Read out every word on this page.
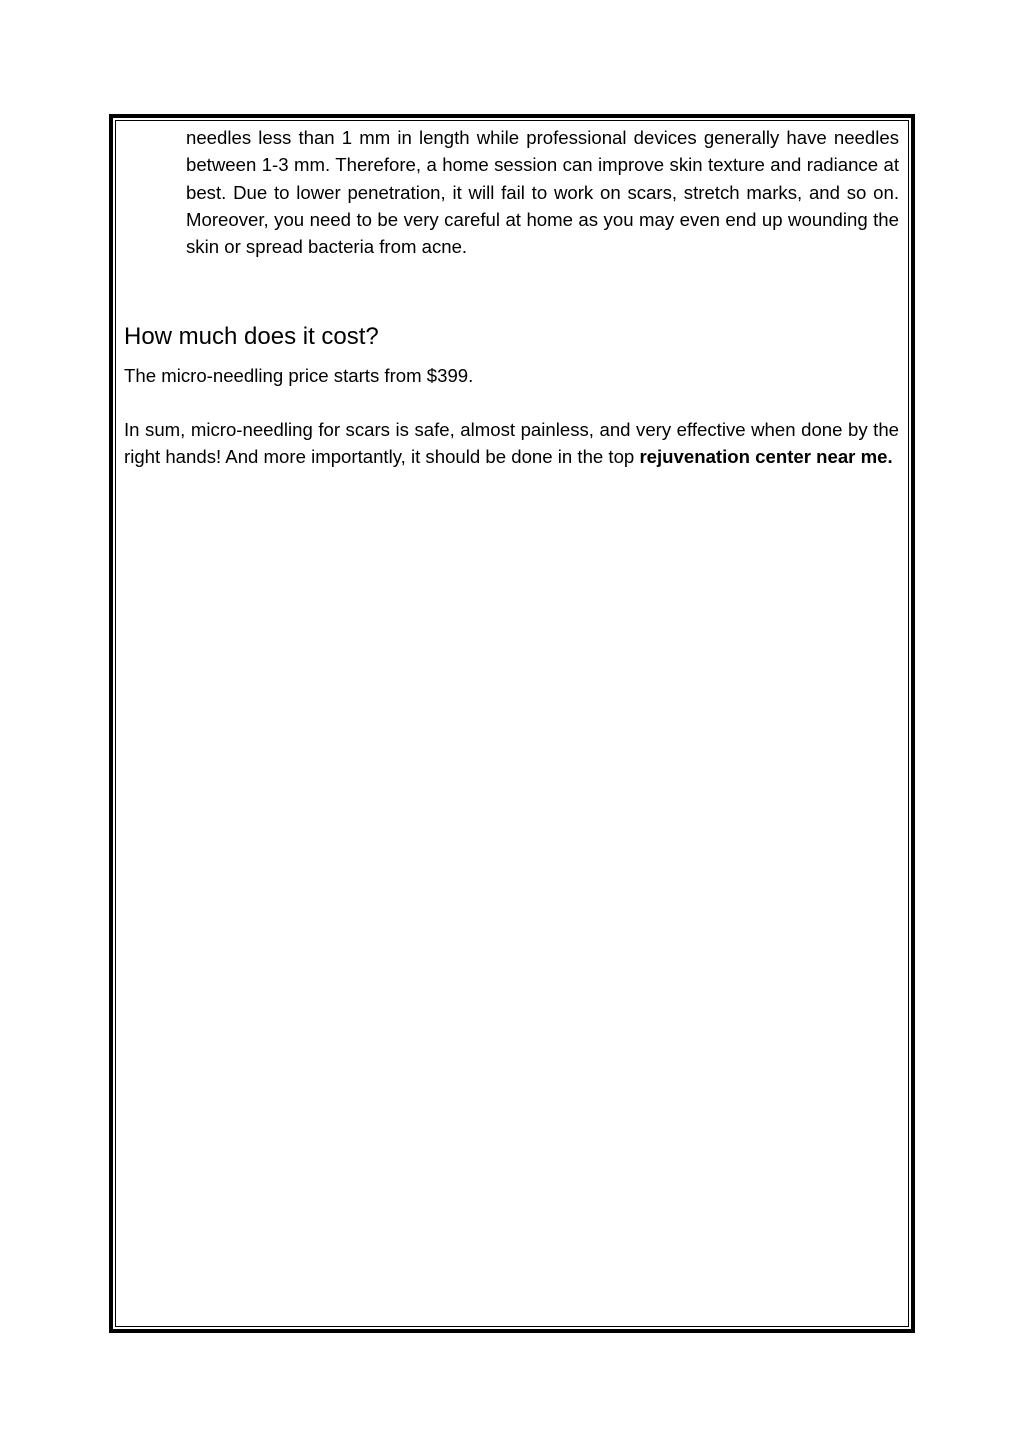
needles less than 1 mm in length while professional devices generally have needles between 1-3 mm. Therefore, a home session can improve skin texture and radiance at best. Due to lower penetration, it will fail to work on scars, stretch marks, and so on. Moreover, you need to be very careful at home as you may even end up wounding the skin or spread bacteria from acne.

How much does it cost?

The micro-needling price starts from $399.

In sum, micro-needling for scars is safe, almost painless, and very effective when done by the right hands! And more importantly, it should be done in the top rejuvenation center near me.
